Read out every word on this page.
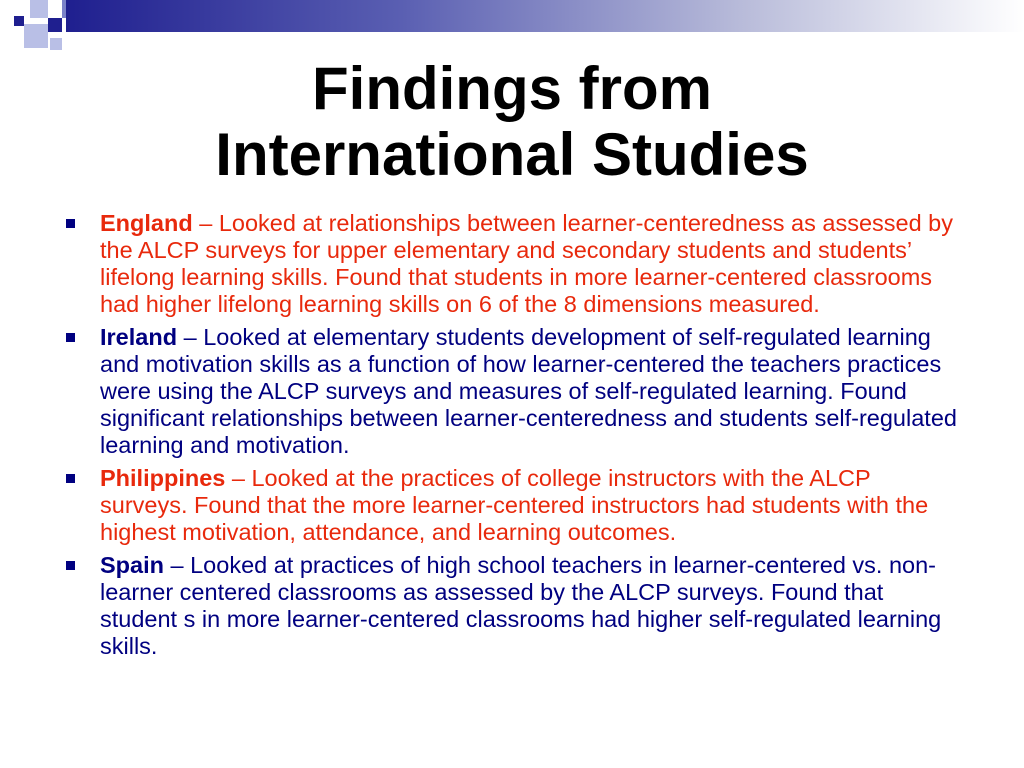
Findings from
International Studies
England – Looked at relationships between learner-centeredness as assessed by the ALCP surveys for upper elementary and secondary students and students’ lifelong learning skills. Found that students in more learner-centered classrooms had higher lifelong learning skills on 6 of the 8 dimensions measured.
Ireland – Looked at elementary students development of self-regulated learning and motivation skills as a function of how learner-centered the teachers practices were using the ALCP surveys and measures of self-regulated learning. Found significant relationships between learner-centeredness and students self-regulated learning and motivation.
Philippines – Looked at the practices of college instructors with the ALCP surveys. Found that the more learner-centered instructors had students with the highest motivation, attendance, and learning outcomes.
Spain – Looked at practices of high school teachers in learner-centered vs. non-learner centered classrooms as assessed by the ALCP surveys. Found that student s in more learner-centered classrooms had higher self-regulated learning skills.
